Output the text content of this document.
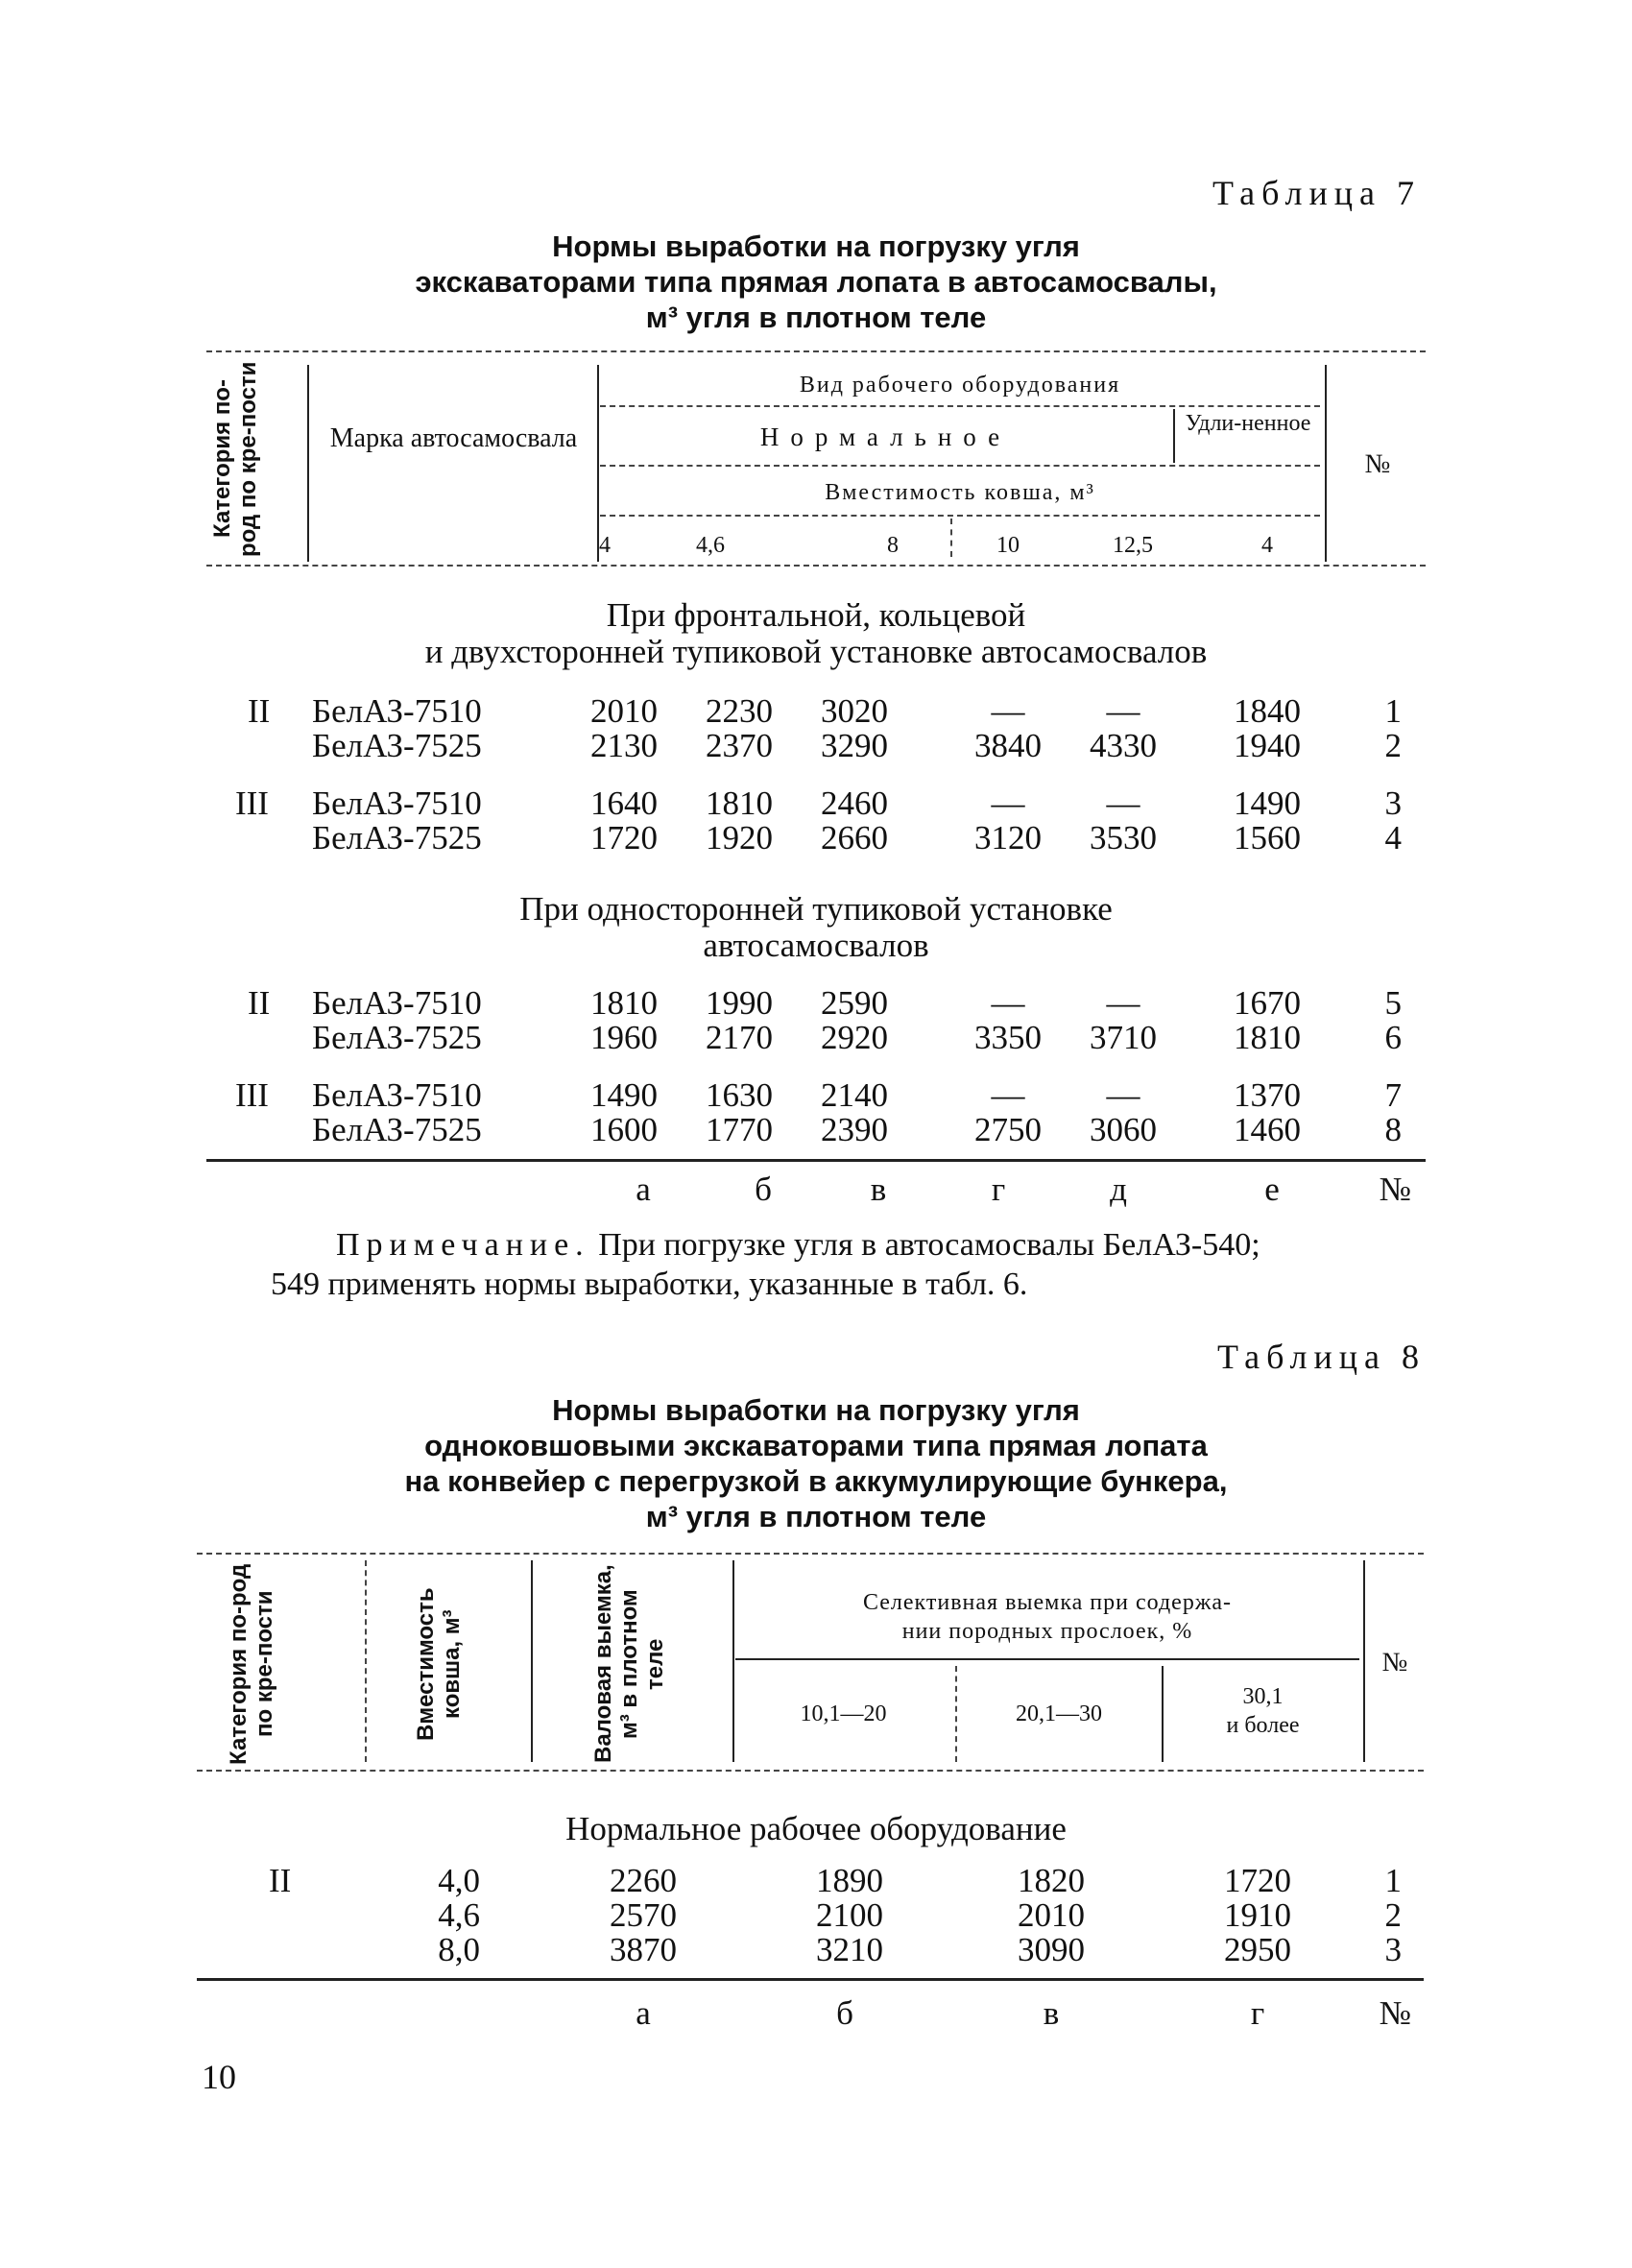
Таблица 7
Нормы выработки на погрузку угля
экскаваторами типа прямая лопата в автосамосвалы,
м³ угля в плотном теле
Категория по-род по кре-пости	Марка автосамосвала
Вид рабочего оборудования
Нормальное	Удли-ненное
Вместимость ковша, м³
№
4	4,6	8	10	12,5	4
При фронтальной, кольцевой
и двухсторонней тупиковой установке автосамосвалов
II БелАЗ-7510	2010	2230	3020	—	—	1840	1
БелАЗ-7525	2130	2370	3290	3840	4330	1940	2
III БелАЗ-7510	1640	1810	2460	—	—	1490	3
БелАЗ-7525	1720	1920	2660	3120	3530	1560	4
При односторонней тупиковой установке
автосамосвалов
II БелАЗ-7510	1810	1990	2590	—	—	1670	5
БелАЗ-7525	1960	2170	2920	3350	3710	1810	6
III БелАЗ-7510	1490	1630	2140	—	—	1370	7
БелАЗ-7525	1600	1770	2390	2750	3060	1460	8
а	б	в	г	д	е	№
Примечание. При погрузке угля в автосамосвалы БелАЗ-540;
549 применять нормы выработки, указанные в табл. 6.
Таблица 8
Нормы выработки на погрузку угля
одноковшовыми экскаваторами типа прямая лопата
на конвейер с перегрузкой в аккумулирующие бункера,
м³ угля в плотном теле
Категория по-род по кре-пости	Вместимость ковша, м³	Валовая выемка, м³ в плотном теле
Селективная выемка при содержа-
нии породных прослоек, %
10,1—20	20,1—30
30,1
и более
№
Нормальное рабочее оборудование
II	4,0	2260	1890	1820	1720	1
4,6	2570	2100	2010	1910	2
8,0	3870	3210	3090	2950	3
а	б	в	г	№
10
